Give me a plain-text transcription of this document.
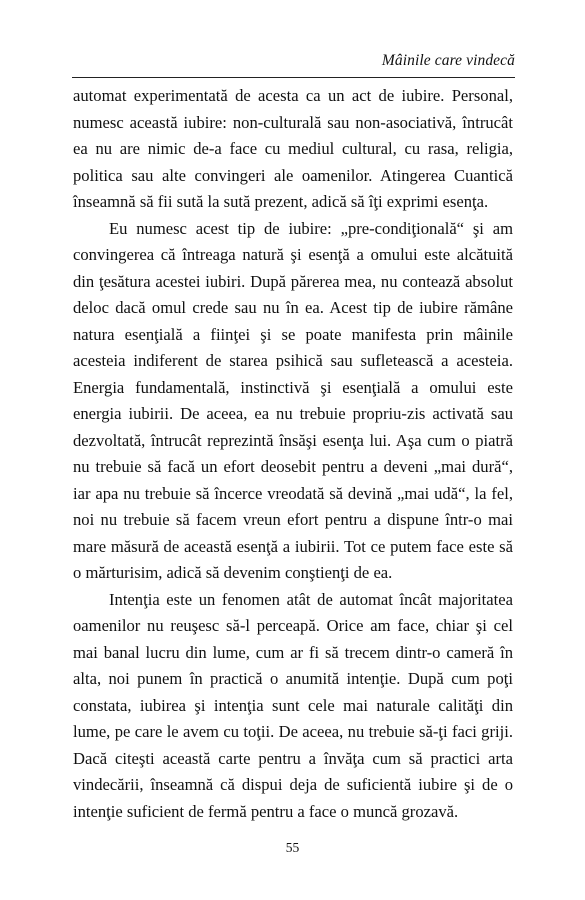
Mâinile care vindecă

automat experimentată de acesta ca un act de iubire. Personal, numesc această iubire: non-culturală sau non-asociativă, întrucât ea nu are nimic de-a face cu mediul cultural, cu rasa, religia, politica sau alte convingeri ale oamenilor. Atingerea Cuantică înseamnă să fii sută la sută prezent, adică să îţi exprimi esenţa.

Eu numesc acest tip de iubire: „pre-condiţională“ şi am convingerea că întreaga natură şi esenţă a omului este alcătuită din ţesătura acestei iubiri. După părerea mea, nu contează absolut deloc dacă omul crede sau nu în ea. Acest tip de iubire rămâne natura esenţială a fiinţei şi se poate manifesta prin mâinile acesteia indiferent de starea psihică sau sufletească a acesteia. Energia fundamentală, instinctivă şi esenţială a omului este energia iubirii. De aceea, ea nu trebuie propriu-zis activată sau dezvoltată, întrucât reprezintă însăşi esenţa lui. Aşa cum o piatră nu trebuie să facă un efort deosebit pentru a deveni „mai dură“, iar apa nu trebuie să încerce vreodată să devină „mai udă“, la fel, noi nu trebuie să facem vreun efort pentru a dispune într-o mai mare măsură de această esenţă a iubirii. Tot ce putem face este să o mărturisim, adică să devenim conştienţi de ea.

Intenţia este un fenomen atât de automat încât majoritatea oamenilor nu reuşesc să-l perceapă. Orice am face, chiar şi cel mai banal lucru din lume, cum ar fi să trecem dintr-o cameră în alta, noi punem în practică o anumită intenţie. După cum poţi constata, iubirea şi intenţia sunt cele mai naturale calităţi din lume, pe care le avem cu toţii. De aceea, nu trebuie să-ţi faci griji. Dacă citeşti această carte pentru a învăţa cum să practici arta vindecării, înseamnă că dispui deja de suficientă iubire şi de o intenţie suficient de fermă pentru a face o muncă grozavă.

55
